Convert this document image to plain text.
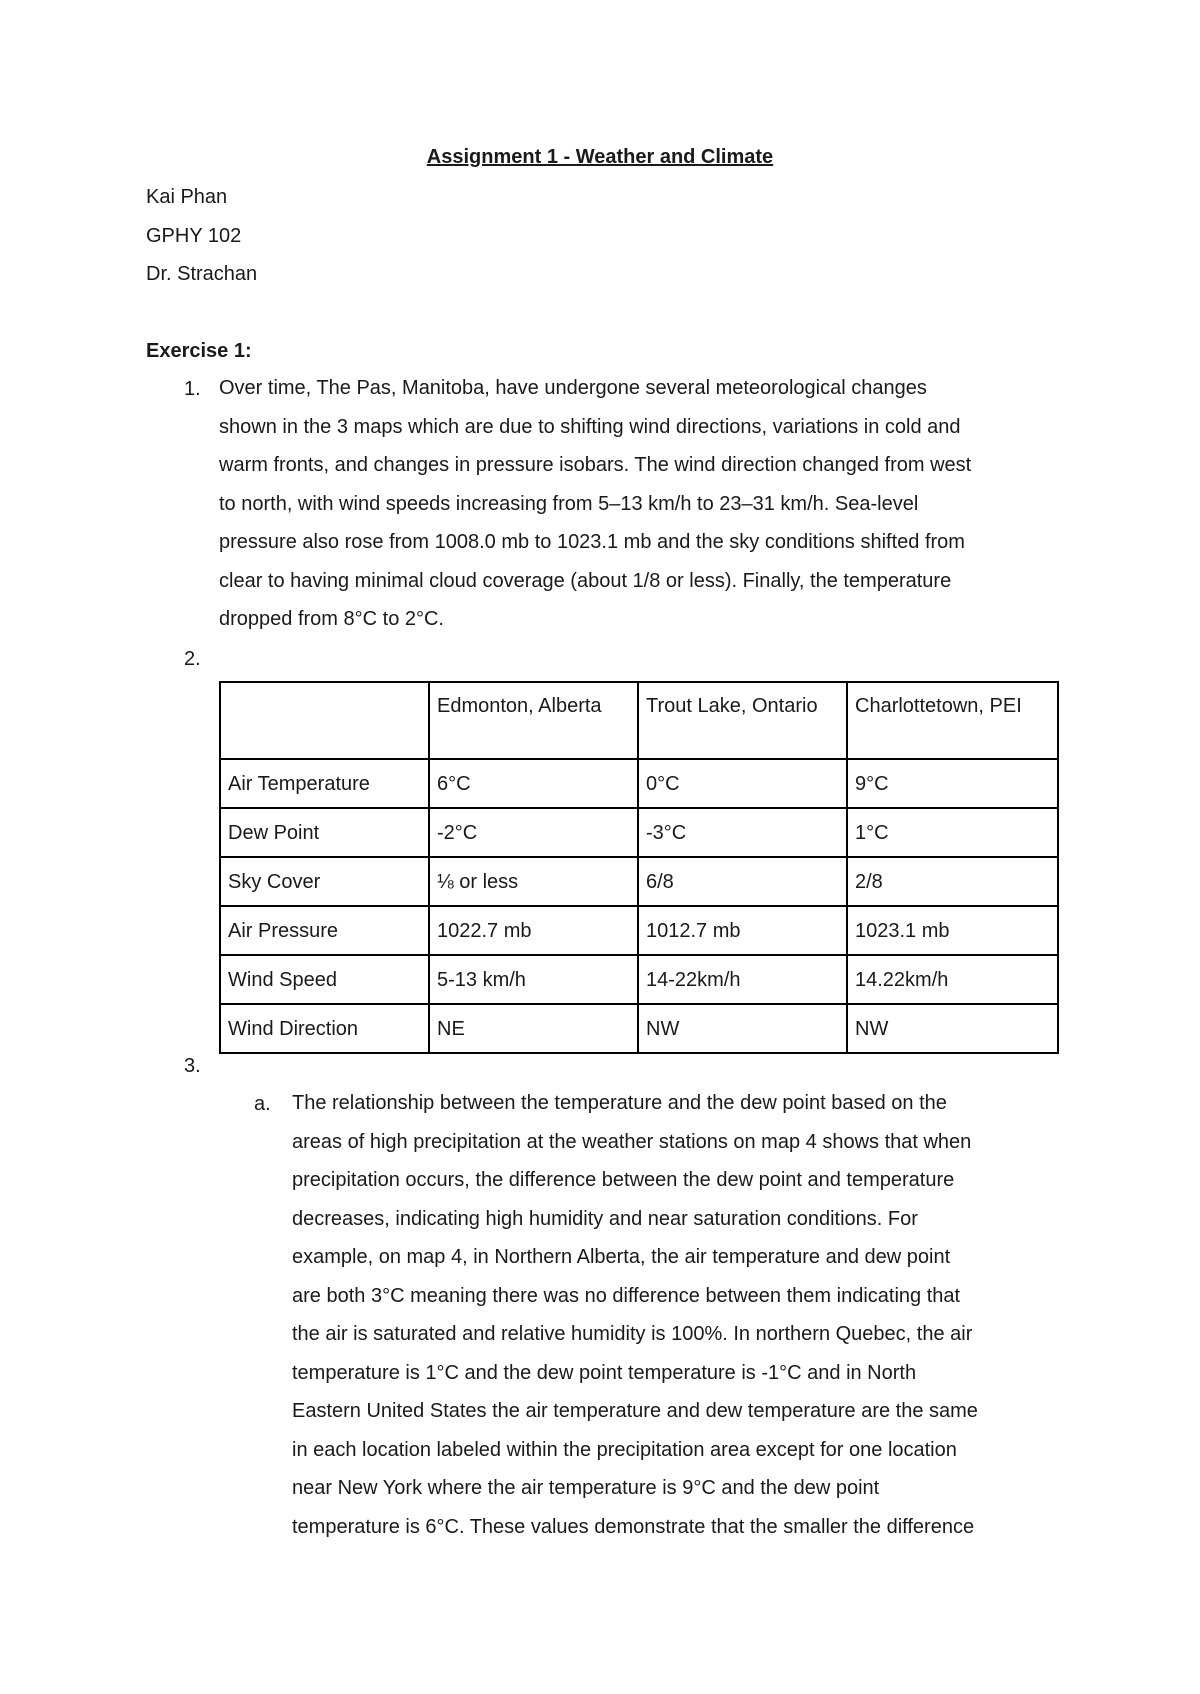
Assignment 1 - Weather and Climate
Kai Phan
GPHY 102
Dr. Strachan
Exercise 1:
1. Over time, The Pas, Manitoba, have undergone several meteorological changes
shown in the 3 maps which are due to shifting wind directions, variations in cold and
warm fronts, and changes in pressure isobars. The wind direction changed from west
to north, with wind speeds increasing from 5–13 km/h to 23–31 km/h. Sea-level
pressure also rose from 1008.0 mb to 1023.1 mb and the sky conditions shifted from
clear to having minimal cloud coverage (about 1/8 or less). Finally, the temperature
dropped from 8°C to 2°C.
2.
	Edmonton, Alberta	Trout Lake, Ontario	Charlottetown, PEI
Air Temperature	6°C	0°C	9°C
Dew Point	-2°C	-3°C	1°C
Sky Cover	⅛ or less	6/8	2/8
Air Pressure	1022.7 mb	1012.7 mb	1023.1 mb
Wind Speed	5-13 km/h	14-22km/h	14.22km/h
Wind Direction	NE	NW	NW
3.
a. The relationship between the temperature and the dew point based on the
areas of high precipitation at the weather stations on map 4 shows that when
precipitation occurs, the difference between the dew point and temperature
decreases, indicating high humidity and near saturation conditions. For
example, on map 4, in Northern Alberta, the air temperature and dew point
are both 3°C meaning there was no difference between them indicating that
the air is saturated and relative humidity is 100%. In northern Quebec, the air
temperature is 1°C and the dew point temperature is -1°C and in North
Eastern United States the air temperature and dew temperature are the same
in each location labeled within the precipitation area except for one location
near New York where the air temperature is 9°C and the dew point
temperature is 6°C. These values demonstrate that the smaller the difference
